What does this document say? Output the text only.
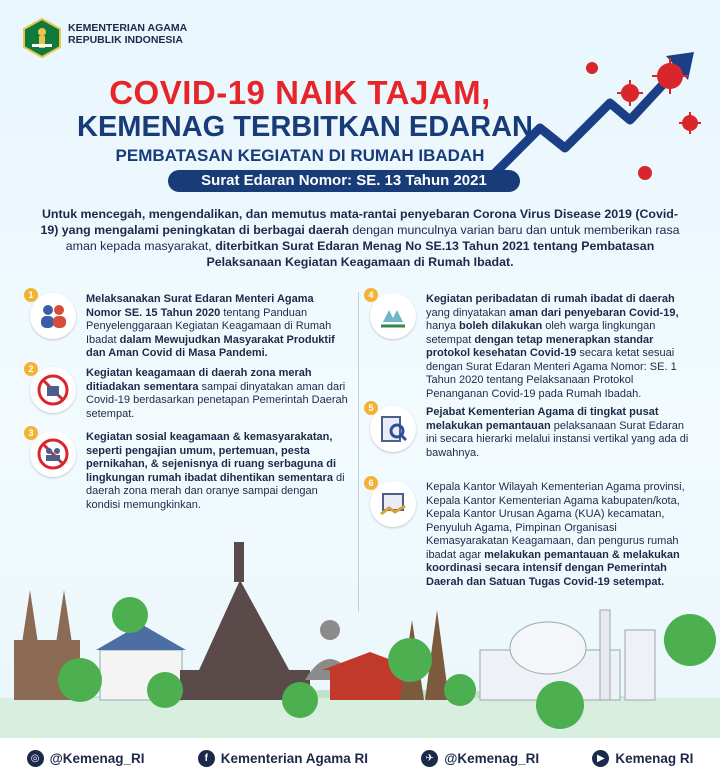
KEMENTERIAN AGAMA
REPUBLIK INDONESIA
COVID-19 NAIK TAJAM,
KEMENAG TERBITKAN EDARAN
PEMBATASAN KEGIATAN DI RUMAH IBADAH
Surat Edaran Nomor: SE. 13 Tahun 2021
Untuk mencegah, mengendalikan, dan memutus mata-rantai penyebaran Corona Virus Disease 2019 (Covid-19) yang mengalami peningkatan di berbagai daerah dengan munculnya varian baru dan untuk memberikan rasa aman kepada masyarakat, diterbitkan Surat Edaran Menag No SE.13 Tahun 2021 tentang Pembatasan Pelaksanaan Kegiatan Keagamaan di Rumah Ibadat.
1	Melaksanakan Surat Edaran Menteri Agama Nomor SE. 15 Tahun 2020 tentang Panduan Penyelenggaraan Kegiatan Keagamaan di Rumah Ibadat dalam Mewujudkan Masyarakat Produktif dan Aman Covid di Masa Pandemi.
2	Kegiatan keagamaan di daerah zona merah ditiadakan sementara sampai dinyatakan aman dari Covid-19 berdasarkan penetapan Pemerintah Daerah setempat.
3	Kegiatan sosial keagamaan & kemasyarakatan, seperti pengajian umum, pertemuan, pesta pernikahan, & sejenisnya di ruang serbaguna di lingkungan rumah ibadat dihentikan sementara di daerah zona merah dan oranye sampai dengan kondisi memungkinkan.
4	Kegiatan peribadatan di rumah ibadat di daerah yang dinyatakan aman dari penyebaran Covid-19, hanya boleh dilakukan oleh warga lingkungan setempat dengan tetap menerapkan standar protokol kesehatan Covid-19 secara ketat sesuai dengan Surat Edaran Menteri Agama Nomor: SE. 1 Tahun 2020 tentang Pelaksanaan Protokol Penanganan Covid-19 pada Rumah Ibadah.
5	Pejabat Kementerian Agama di tingkat pusat melakukan pemantauan pelaksanaan Surat Edaran ini secara hierarki melalui instansi vertikal yang ada di bawahnya.
6	Kepala Kantor Wilayah Kementerian Agama provinsi, Kepala Kantor Kementerian Agama kabupaten/kota, Kepala Kantor Urusan Agama (KUA) kecamatan, Penyuluh Agama, Pimpinan Organisasi Kemasyarakatan Keagamaan, dan pengurus rumah ibadat agar melakukan pemantauan & melakukan koordinasi secara intensif dengan Pemerintah Daerah dan Satuan Tugas Covid-19 setempat.
◎ @Kemenag_RI	f Kementerian Agama RI	✈ @Kemenag_RI	▶ Kemenag RI
